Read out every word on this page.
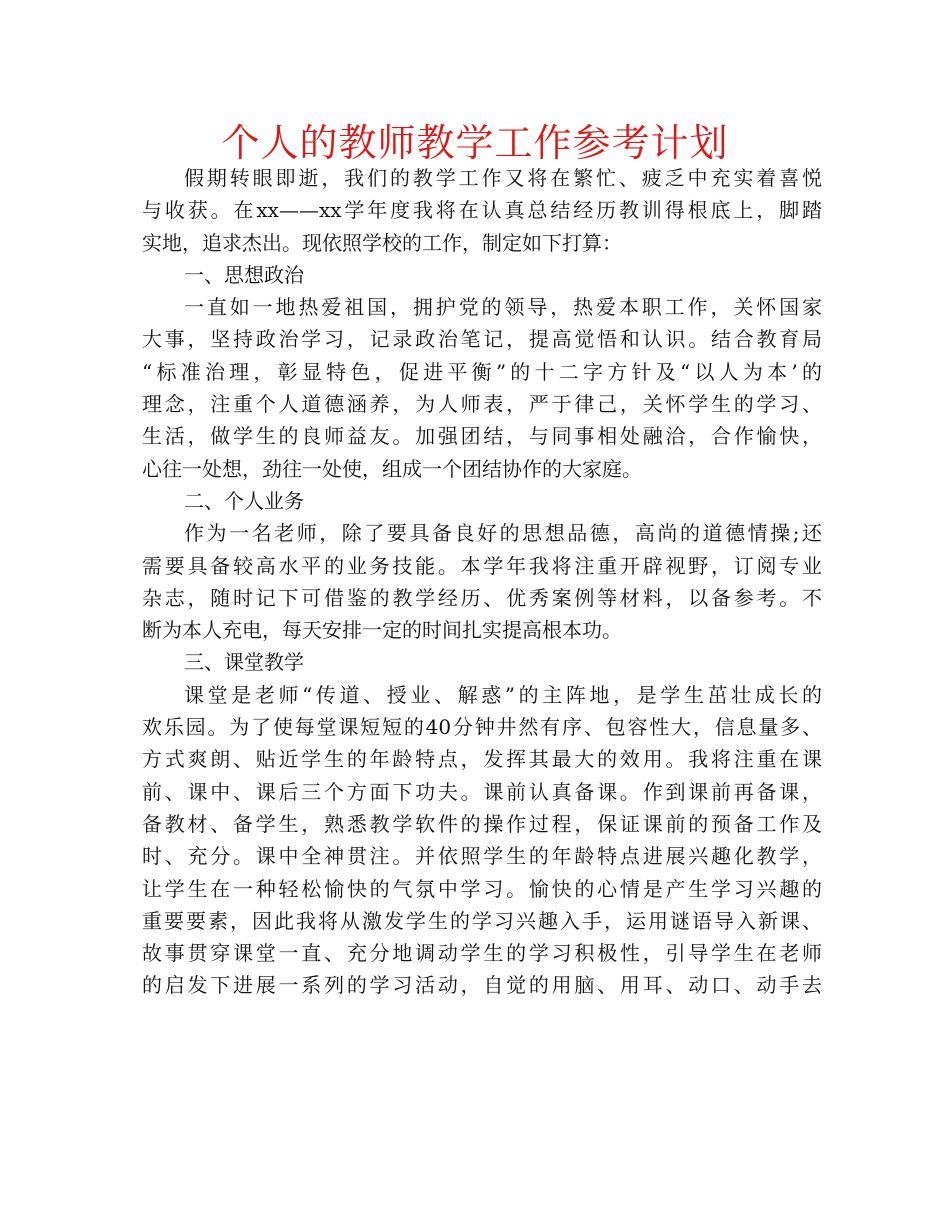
个人的教师教学工作参考计划
假期转眼即逝，我们的教学工作又将在繁忙、疲乏中充实着喜悦
与收获。在xx——xx学年度我将在认真总结经历教训得根底上，脚踏
实地，追求杰出。现依照学校的工作，制定如下打算：
一、思想政治
一直如一地热爱祖国，拥护党的领导，热爱本职工作，关怀国家
大事，坚持政治学习，记录政治笔记，提高觉悟和认识。结合教育局
“标准治理，彰显特色，促进平衡”的十二字方针及“以人为本’的
理念，注重个人道德涵养，为人师表，严于律己，关怀学生的学习、
生活，做学生的良师益友。加强团结，与同事相处融洽，合作愉快，
心往一处想，劲往一处使，组成一个团结协作的大家庭。
二、个人业务
作为一名老师，除了要具备良好的思想品德，高尚的道德情操;还
需要具备较高水平的业务技能。本学年我将注重开辟视野，订阅专业
杂志，随时记下可借鉴的教学经历、优秀案例等材料，以备参考。不
断为本人充电，每天安排一定的时间扎实提高根本功。
三、课堂教学
课堂是老师“传道、授业、解惑”的主阵地，是学生茁壮成长的
欢乐园。为了使每堂课短短的40分钟井然有序、包容性大，信息量多、
方式爽朗、贴近学生的年龄特点，发挥其最大的效用。我将注重在课
前、课中、课后三个方面下功夫。课前认真备课。作到课前再备课，
备教材、备学生，熟悉教学软件的操作过程，保证课前的预备工作及
时、充分。课中全神贯注。并依照学生的年龄特点进展兴趣化教学，
让学生在一种轻松愉快的气氛中学习。愉快的心情是产生学习兴趣的
重要要素，因此我将从激发学生的学习兴趣入手，运用谜语导入新课、
故事贯穿课堂一直、充分地调动学生的学习积极性，引导学生在老师
的启发下进展一系列的学习活动，自觉的用脑、用耳、动口、动手去
